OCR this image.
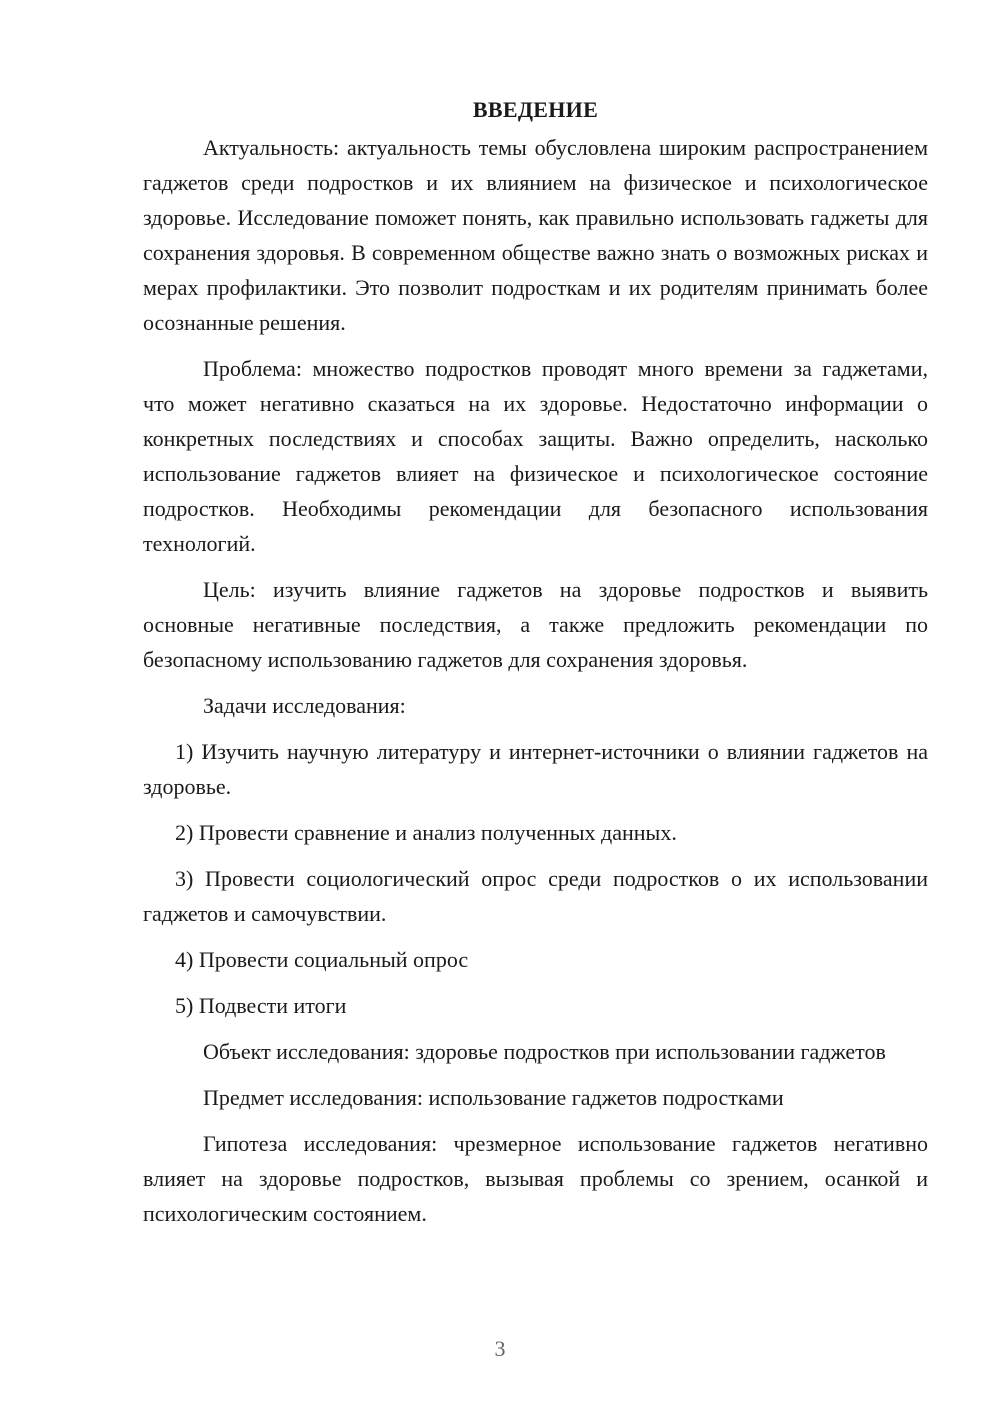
ВВЕДЕНИЕ

Актуальность: актуальность темы обусловлена широким распространением гаджетов среди подростков и их влиянием на физическое и психологическое здоровье. Исследование поможет понять, как правильно использовать гаджеты для сохранения здоровья. В современном обществе важно знать о возможных рисках и мерах профилактики. Это позволит подросткам и их родителям принимать более осознанные решения.

Проблема: множество подростков проводят много времени за гаджетами, что может негативно сказаться на их здоровье. Недостаточно информации о конкретных последствиях и способах защиты. Важно определить, насколько использование гаджетов влияет на физическое и психологическое состояние подростков. Необходимы рекомендации для безопасного использования технологий.

Цель: изучить влияние гаджетов на здоровье подростков и выявить основные негативные последствия, а также предложить рекомендации по безопасному использованию гаджетов для сохранения здоровья.

Задачи исследования:

1) Изучить научную литературу и интернет-источники о влиянии гаджетов на здоровье.

2) Провести сравнение и анализ полученных данных.

3) Провести социологический опрос среди подростков о их использовании гаджетов и самочувствии.

4) Провести социальный опрос

5) Подвести итоги

Объект исследования: здоровье подростков при использовании гаджетов

Предмет исследования: использование гаджетов подростками

Гипотеза исследования: чрезмерное использование гаджетов негативно влияет на здоровье подростков, вызывая проблемы со зрением, осанкой и психологическим состоянием.

3
